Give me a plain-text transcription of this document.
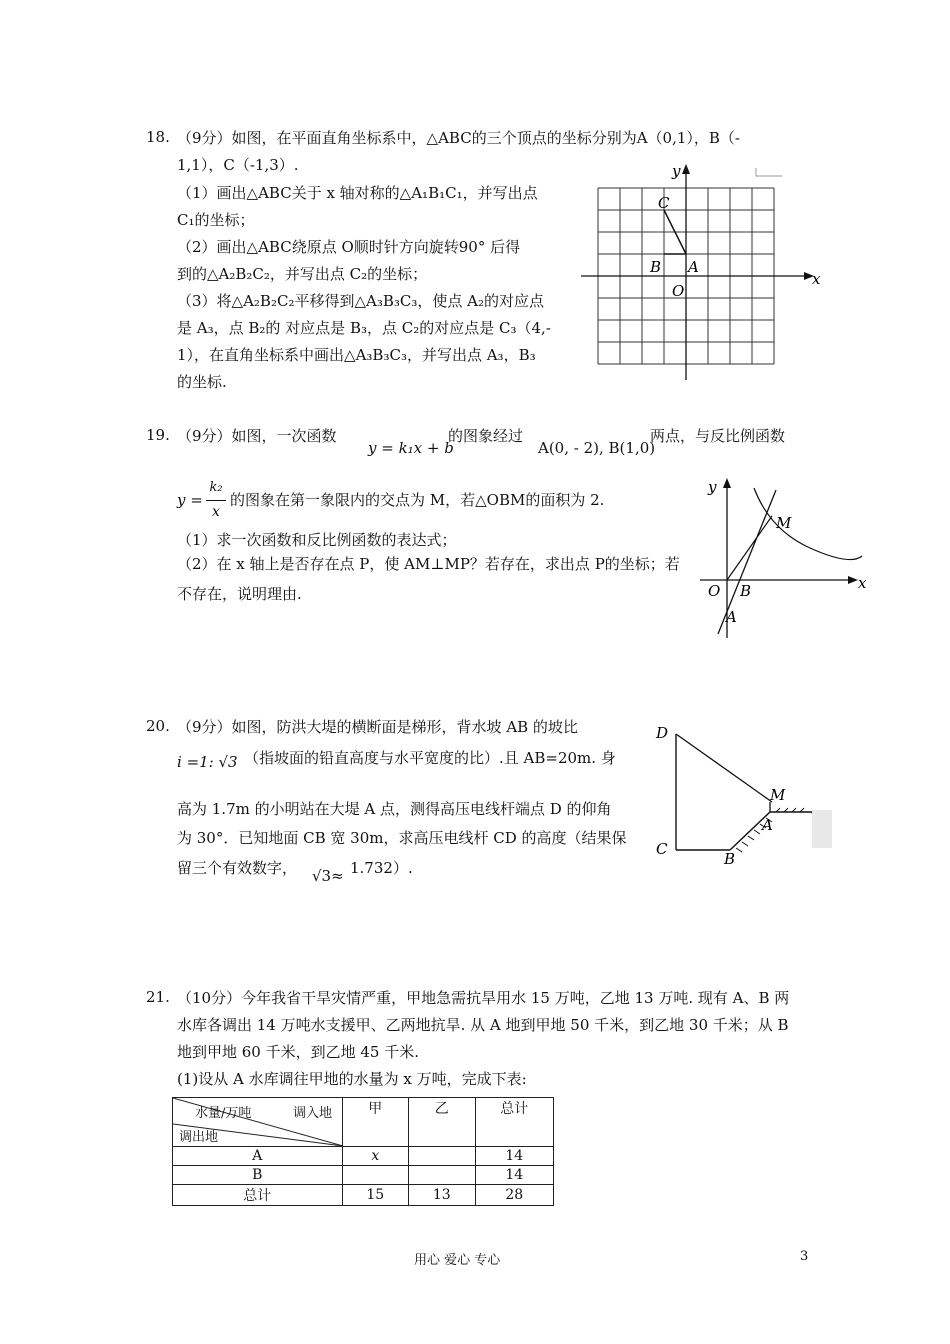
18. （9分）如图，在平面直角坐标系中，△ABC的三个顶点的坐标分别为A（0,1），B（-
1,1），C（-1,3）.
（1）画出△ABC关于 x 轴对称的△A₁B₁C₁，并写出点
C₁的坐标；
（2）画出△ABC绕原点 O顺时针方向旋转90° 后得
到的△A₂B₂C₂，并写出点 C₂的坐标；
（3）将△A₂B₂C₂平移得到△A₃B₃C₃，使点 A₂的对应点
是 A₃，点 B₂的 对应点是 B₃，点 C₂的对应点是 C₃（4,-
1），在直角坐标系中画出△A₃B₃C₃，并写出点 A₃，B₃
的坐标.
y
x
C
B A
O
19. （9分）如图，一次函数
y = k₁x + b
的图象经过
A(0, - 2), B(1,0)
两点，与反比例函数
y =
k₂
x
的图象在第一象限内的交点为 M，若△OBM的面积为 2.
（1）求一次函数和反比例函数的表达式；
（2）在 x 轴上是否存在点 P，使 AM⊥MP？若存在，求出点 P的坐标；若
不存在，说明理由.
y
x
M
O B
A
20. （9分）如图，防洪大堤的横断面是梯形，背水坡 AB 的坡比
i =1: √3 （指坡面的铅直高度与水平宽度的比）.且 AB=20m. 身
高为 1.7m 的小明站在大堤 A 点，测得高压电线杆端点 D 的仰角
为 30°．已知地面 CB 宽 30m，求高压电线杆 CD 的高度（结果保
留三个有效数字， √3≈ 1.732）.
D
M
A
C
B
21. （10分）今年我省干旱灾情严重，甲地急需抗旱用水 15 万吨，乙地 13 万吨. 现有 A、B 两
水库各调出 14 万吨水支援甲、乙两地抗旱. 从 A 地到甲地 50 千米，到乙地 30 千米；从 B
地到甲地 60 千米，到乙地 45 千米.
(1)设从 A 水库调往甲地的水量为 x 万吨，完成下表:
水量/万吨 调入地
调出地	甲	乙	总计
A	x		14
B			14
总计	15	13	28
用心 爱心 专心	3
